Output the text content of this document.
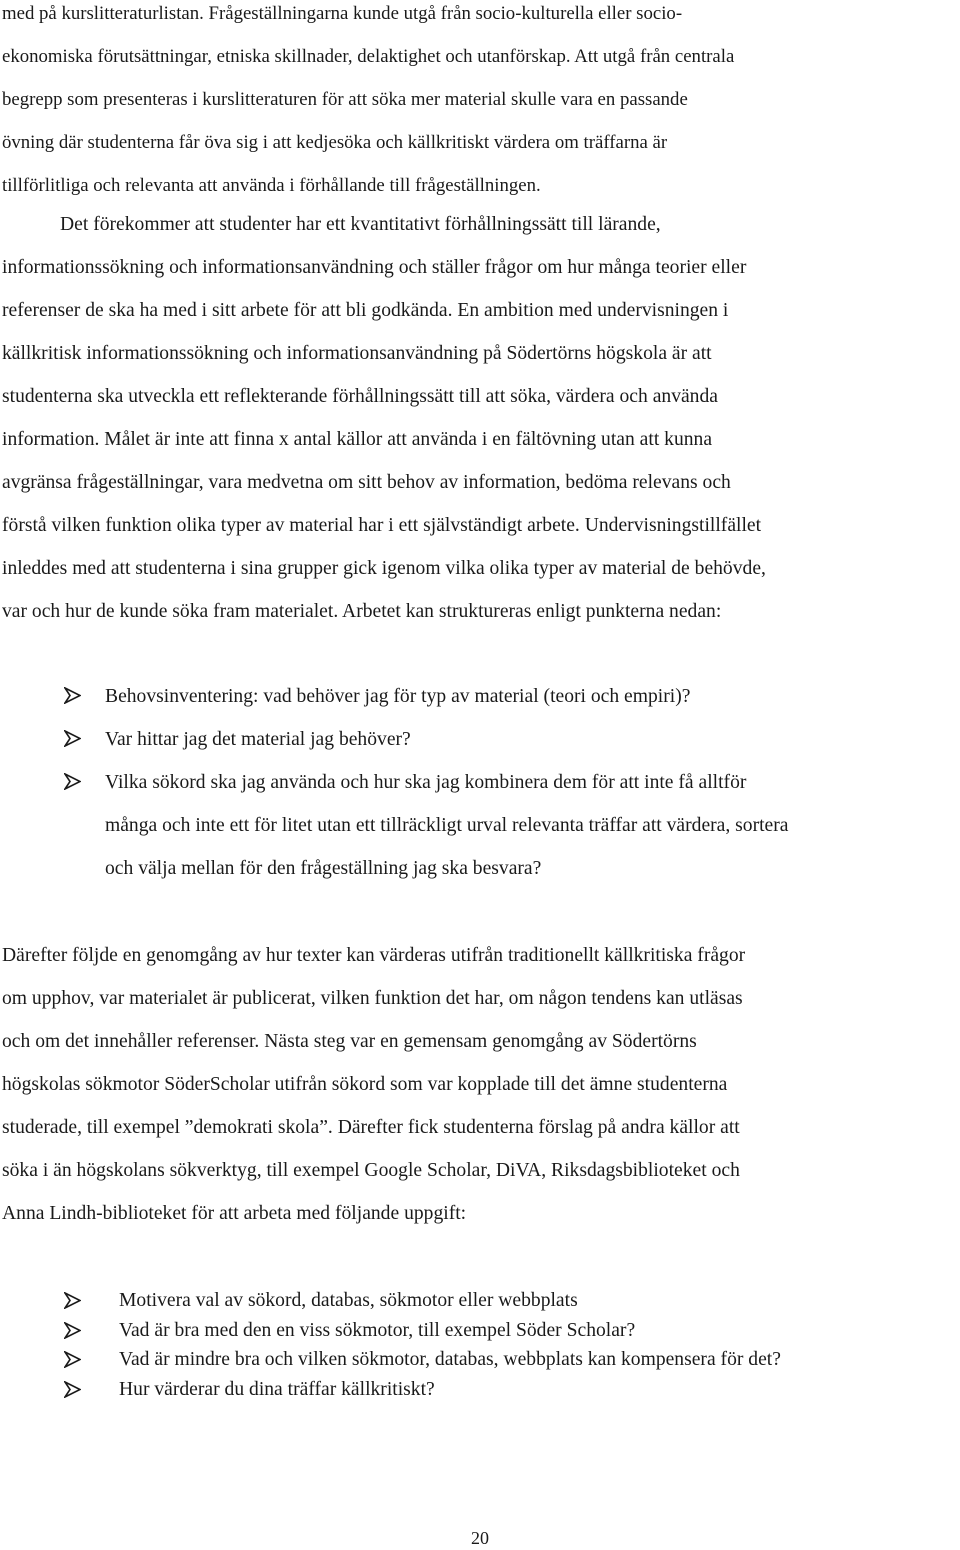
med på kurslitteraturlistan. Frågeställningarna kunde utgå från socio-kulturella eller socio-
ekonomiska förutsättningar, etniska skillnader, delaktighet och utanförskap. Att utgå från centrala
begrepp som presenteras i kurslitteraturen för att söka mer material skulle vara en passande
övning där studenterna får öva sig i att kedjesöka och källkritiskt värdera om träffarna är
tillförlitliga och relevanta att använda i förhållande till frågeställningen.
Det förekommer att studenter har ett kvantitativt förhållningssätt till lärande,
informationssökning och informationsanvändning och ställer frågor om hur många teorier eller
referenser de ska ha med i sitt arbete för att bli godkända. En ambition med undervisningen i
källkritisk informationssökning och informationsanvändning på Södertörns högskola är att
studenterna ska utveckla ett reflekterande förhållningssätt till att söka, värdera och använda
information. Målet är inte att finna x antal källor att använda i en fältövning utan att kunna
avgränsa frågeställningar, vara medvetna om sitt behov av information, bedöma relevans och
förstå vilken funktion olika typer av material har i ett självständigt arbete. Undervisningstillfället
inleddes med att studenterna i sina grupper gick igenom vilka olika typer av material de behövde,
var och hur de kunde söka fram materialet. Arbetet kan struktureras enligt punkterna nedan:
Behovsinventering: vad behöver jag för typ av material (teori och empiri)?
Var hittar jag det material jag behöver?
Vilka sökord ska jag använda och hur ska jag kombinera dem för att inte få alltför
många och inte ett för litet utan ett tillräckligt urval relevanta träffar att värdera, sortera
och välja mellan för den frågeställning jag ska besvara?
Därefter följde en genomgång av hur texter kan värderas utifrån traditionellt källkritiska frågor
om upphov, var materialet är publicerat, vilken funktion det har, om någon tendens kan utläsas
och om det innehåller referenser. Nästa steg var en gemensam genomgång av Södertörns
högskolas sökmotor SöderScholar utifrån sökord som var kopplade till det ämne studenterna
studerade, till exempel ”demokrati skola”. Därefter fick studenterna förslag på andra källor att
söka i än högskolans sökverktyg, till exempel Google Scholar, DiVA, Riksdagsbiblioteket och
Anna Lindh-biblioteket för att arbeta med följande uppgift:
Motivera val av sökord, databas, sökmotor eller webbplats
Vad är bra med den en viss sökmotor, till exempel Söder Scholar?
Vad är mindre bra och vilken sökmotor, databas, webbplats kan kompensera för det?
Hur värderar du dina träffar källkritiskt?
20
